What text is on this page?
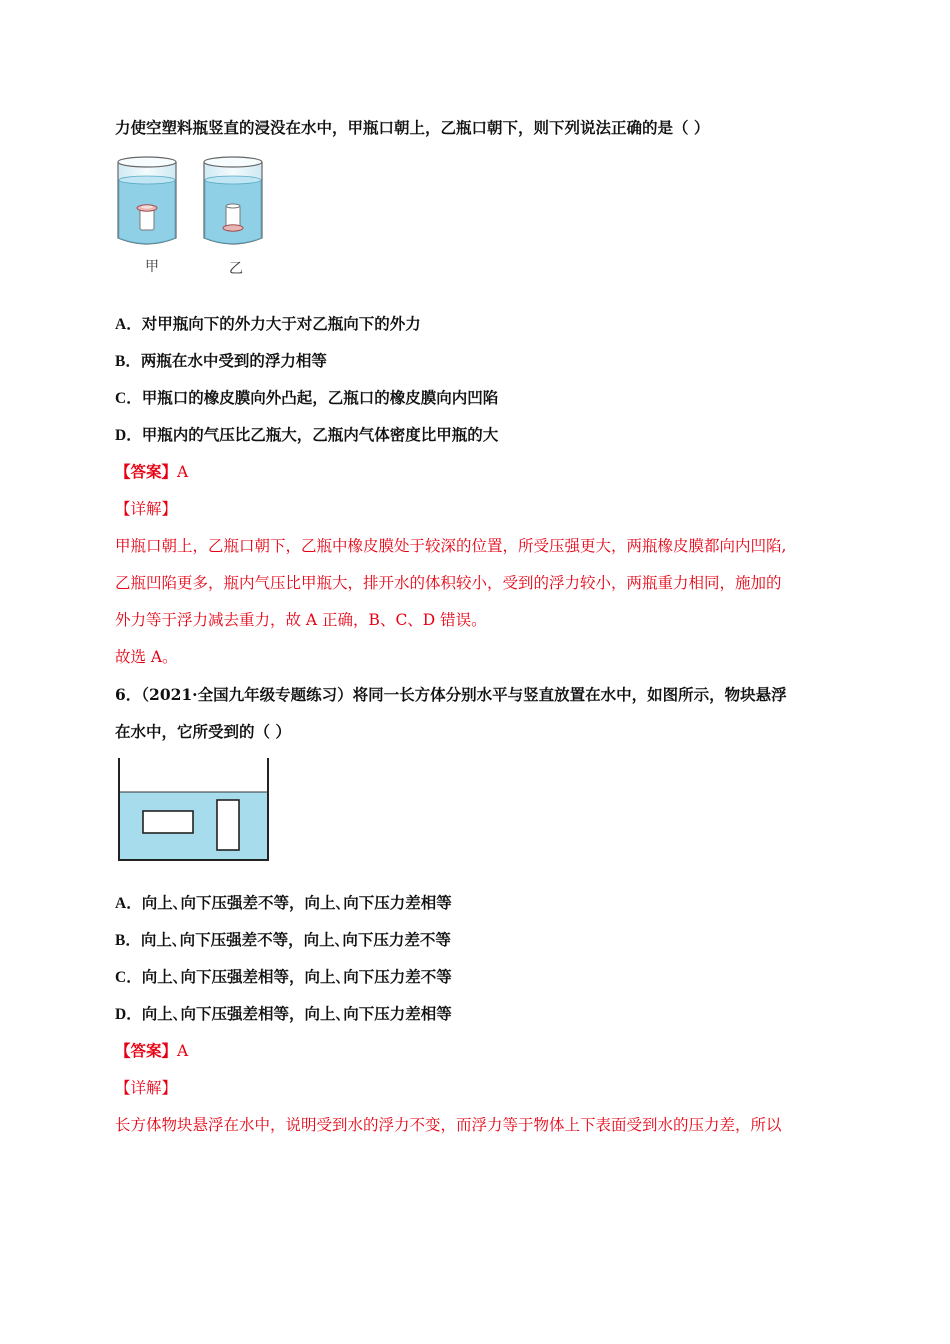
力使空塑料瓶竖直的浸没在水中，甲瓶口朝上，乙瓶口朝下，则下列说法正确的是（ ）
甲	乙
A．对甲瓶向下的外力大于对乙瓶向下的外力
B．两瓶在水中受到的浮力相等
C．甲瓶口的橡皮膜向外凸起，乙瓶口的橡皮膜向内凹陷
D．甲瓶内的气压比乙瓶大，乙瓶内气体密度比甲瓶的大
【答案】A
【详解】
甲瓶口朝上，乙瓶口朝下，乙瓶中橡皮膜处于较深的位置，所受压强更大，两瓶橡皮膜都向内凹陷,
乙瓶凹陷更多，瓶内气压比甲瓶大，排开水的体积较小，受到的浮力较小，两瓶重力相同，施加的
外力等于浮力减去重力，故 A 正确，B、C、D 错误。
故选 A。
6．（2021·全国九年级专题练习）将同一长方体分别水平与竖直放置在水中，如图所示，物块悬浮
在水中，它所受到的（ ）
A．向上､向下压强差不等，向上､向下压力差相等
B．向上､向下压强差不等，向上､向下压力差不等
C．向上､向下压强差相等，向上､向下压力差不等
D．向上､向下压强差相等，向上､向下压力差相等
【答案】A
【详解】
长方体物块悬浮在水中，说明受到水的浮力不变，而浮力等于物体上下表面受到水的压力差，所以
